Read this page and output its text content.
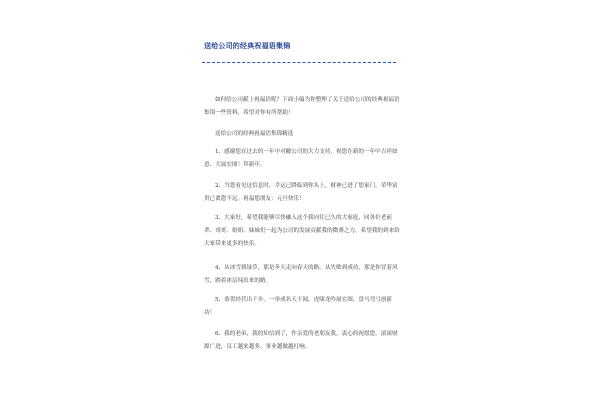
送给公司的经典祝福语集锦

如何给公司献上祝福语呢？下面小编为你整理了关于送给公司的经典祝福语集锦一些资料，希望对你有所帮助！

送给公司的经典祝福语集锦精选

1、感谢您在过去的一年中对敝公司的大力支持，祝您在新的一年中吉祥如意、大展宏图！拜新年。

2、当您看见这信息时，幸运已降临到你头上，财神已进了您家门，荣华富贵已离您不远。祝福您朋友：元旦快乐！

3、大家好，希望我能够尽快融入这个我向往已久的大家庭，同各位老前辈、哥哥、姐姐、妹妹们一起为公司的发展贡献我的微薄之力，希望我的到来给大家带来更多的快乐。

4、从冰雪到绿草，那是冬天走向春天的路。从失败到成功，那是你冒着风雪，踏着冰层闯出来的路。

5、恭贺经营出千乡，一举成名天下闻，虎啸龙吟展宏图，盘马弯弓创新功！

6、我的老弟，我的知信到了，作亲爱的老朋友我，衷心的祝愿您，滚滚财源广进，员工越来越多，事业越做越打响。
